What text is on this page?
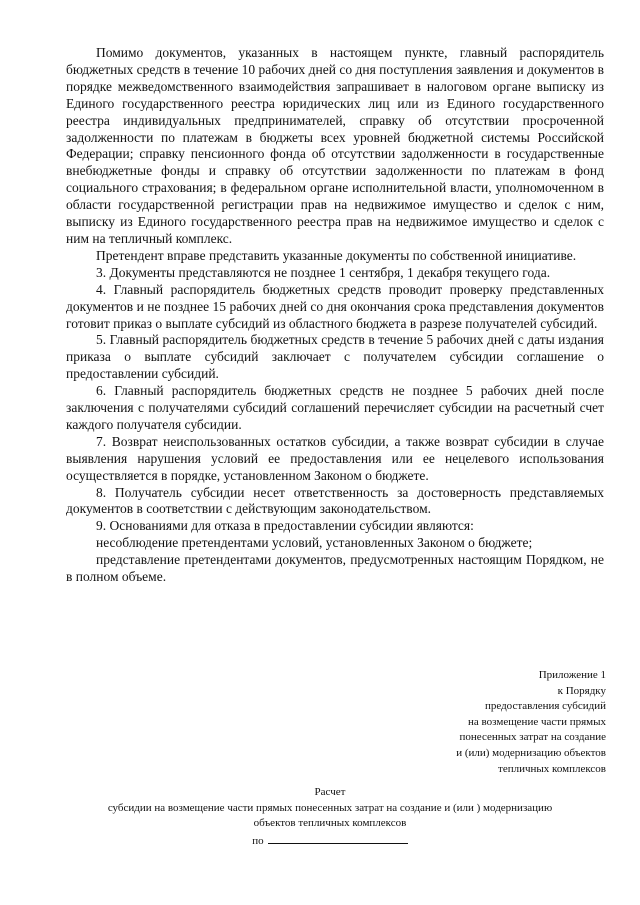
Помимо документов, указанных в настоящем пункте, главный распорядитель бюджетных средств в течение 10 рабочих дней со дня поступления заявления и документов в порядке межведомственного взаимодействия запрашивает в налоговом органе выписку из Единого государственного реестра юридических лиц или из Единого государственного реестра индивидуальных предпринимателей, справку об отсутствии просроченной задолженности по платежам в бюджеты всех уровней бюджетной системы Российской Федерации; справку пенсионного фонда об отсутствии задолженности в государственные внебюджетные фонды и справку об отсутствии задолженности по платежам в фонд социального страхования; в федеральном органе исполнительной власти, уполномоченном в области государственной регистрации прав на недвижимое имущество и сделок с ним, выписку из Единого государственного реестра прав на недвижимое имущество и сделок с ним на тепличный комплекс.

Претендент вправе представить указанные документы по собственной инициативе.

3. Документы представляются не позднее 1 сентября, 1 декабря текущего года.

4. Главный распорядитель бюджетных средств проводит проверку представленных документов и не позднее 15 рабочих дней со дня окончания срока представления документов готовит приказ о выплате субсидий из областного бюджета в разрезе получателей субсидий.

5. Главный распорядитель бюджетных средств в течение 5 рабочих дней с даты издания приказа о выплате субсидий заключает с получателем субсидии соглашение о предоставлении субсидий.

6. Главный распорядитель бюджетных средств не позднее 5 рабочих дней после заключения с получателями субсидий соглашений перечисляет субсидии на расчетный счет каждого получателя субсидии.

7. Возврат неиспользованных остатков субсидии, а также возврат субсидии в случае выявления нарушения условий ее предоставления или ее нецелевого использования осуществляется в порядке, установленном Законом о бюджете.

8. Получатель субсидии несет ответственность за достоверность представляемых документов в соответствии с действующим законодательством.

9. Основаниями для отказа в предоставлении субсидии являются:

несоблюдение претендентами условий, установленных Законом о бюджете;

представление претендентами документов, предусмотренных настоящим Порядком, не в полном объеме.

Приложение 1
к Порядку
предоставления субсидий
на возмещение части прямых
понесенных затрат на создание
и (или) модернизацию объектов
тепличных комплексов
Расчет
субсидии на возмещение части прямых понесенных затрат на создание и (или ) модернизацию
объектов тепличных комплексов
по
